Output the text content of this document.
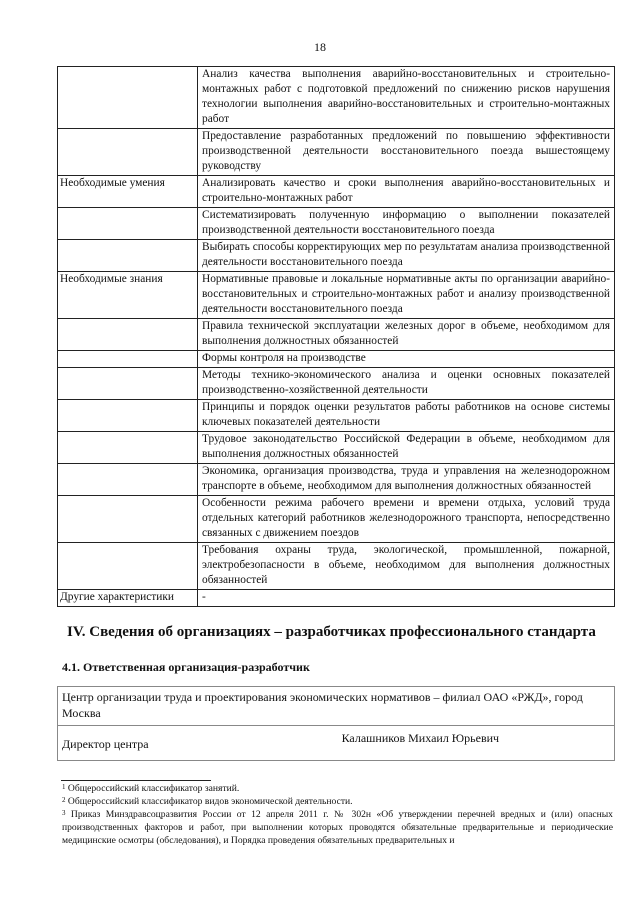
18
	Анализ качества выполнения аварийно-восстановительных и строительно-монтажных работ с подготовкой предложений по снижению рисков нарушения технологии выполнения аварийно-восстановительных и строительно-монтажных работ
	Предоставление разработанных предложений по повышению эффективности производственной деятельности восстановительного поезда вышестоящему руководству
Необходимые умения	Анализировать качество и сроки выполнения аварийно-восстановительных и строительно-монтажных работ
	Систематизировать полученную информацию о выполнении показателей производственной деятельности восстановительного поезда
	Выбирать способы корректирующих мер по результатам анализа производственной деятельности восстановительного поезда
Необходимые знания	Нормативные правовые и локальные нормативные акты по организации аварийно-восстановительных и строительно-монтажных работ и анализу производственной деятельности восстановительного поезда
	Правила технической эксплуатации железных дорог в объеме, необходимом для выполнения должностных обязанностей
	Формы контроля на производстве
	Методы технико-экономического анализа и оценки основных показателей производственно-хозяйственной деятельности
	Принципы и порядок оценки результатов работы работников на основе системы ключевых показателей деятельности
	Трудовое законодательство Российской Федерации в объеме, необходимом для выполнения должностных обязанностей
	Экономика, организация производства, труда и управления на железнодорожном транспорте в объеме, необходимом для выполнения должностных обязанностей
	Особенности режима рабочего времени и времени отдыха, условий труда отдельных категорий работников железнодорожного транспорта, непосредственно связанных с движением поездов
	Требования охраны труда, экологической, промышленной, пожарной, электробезопасности в объеме, необходимом для выполнения должностных обязанностей
Другие характеристики	-
IV. Сведения об организациях – разработчиках профессионального стандарта
4.1. Ответственная организация-разработчик
Центр организации труда и проектирования экономических нормативов – филиал ОАО «РЖД», город Москва

Директор центра	Калашников Михаил Юрьевич

$^1$ Общероссийский классификатор занятий.

$^2$ Общероссийский классификатор видов экономической деятельности.

$^3$ Приказ Минздравсоцразвития России от 12 апреля 2011 г. № 302н «Об утверждении перечней вредных и (или) опасных производственных факторов и работ, при выполнении которых проводятся обязательные предварительные и периодические медицинские осмотры (обследования), и Порядка проведения обязательных предварительных и
